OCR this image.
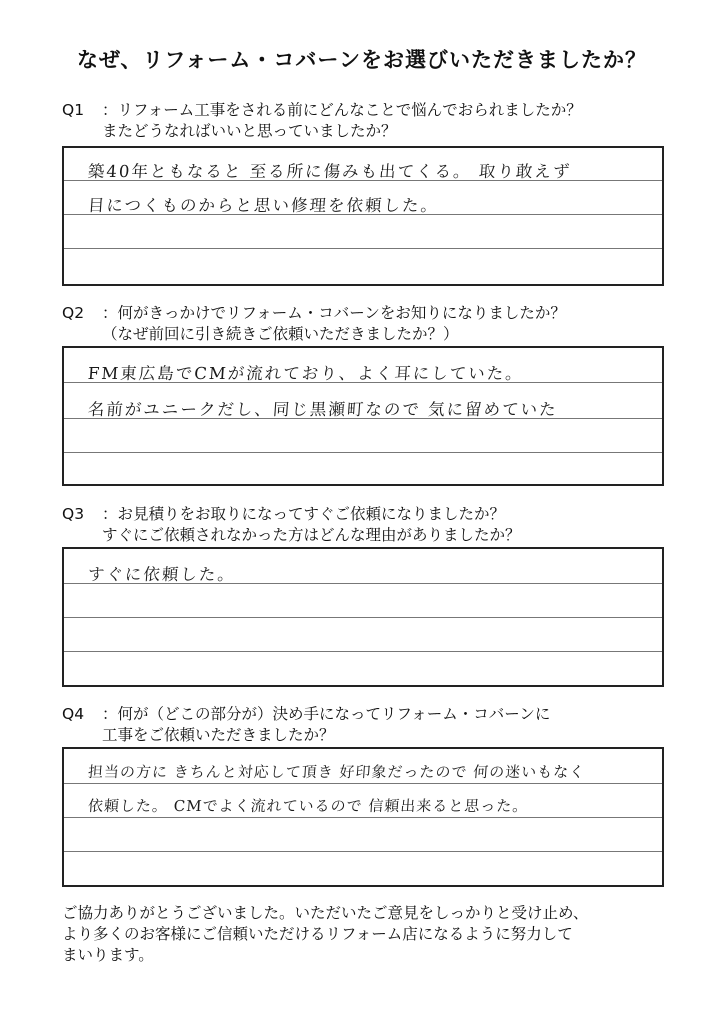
なぜ、リフォーム・コバーンをお選びいただきましたか？
Q1 ：リフォーム工事をされる前にどんなことで悩んでおられましたか？
またどうなればいいと思っていましたか？
築40年ともなると 至る所に傷みも出てくる。 取り敢えず
目につくものからと思い修理を依頼した。
Q2 ：何がきっかけでリフォーム・コバーンをお知りになりましたか？
（なぜ前回に引き続きご依頼いただきましたか？）
FM東広島でCMが流れており、よく耳にしていた。
名前がユニークだし、同じ黒瀬町なので 気に留めていた
Q3 ：お見積りをお取りになってすぐご依頼になりましたか？
すぐにご依頼されなかった方はどんな理由がありましたか？
すぐに依頼した。
Q4 ：何が（どこの部分が）決め手になってリフォーム・コバーンに
工事をご依頼いただきましたか？
担当の方に きちんと対応して頂き 好印象だったので 何の迷いもなく
依頼した。 CMでよく流れているので 信頼出来ると思った。
ご協力ありがとうございました。いただいたご意見をしっかりと受け止め、
より多くのお客様にご信頼いただけるリフォーム店になるように努力して
まいります。
